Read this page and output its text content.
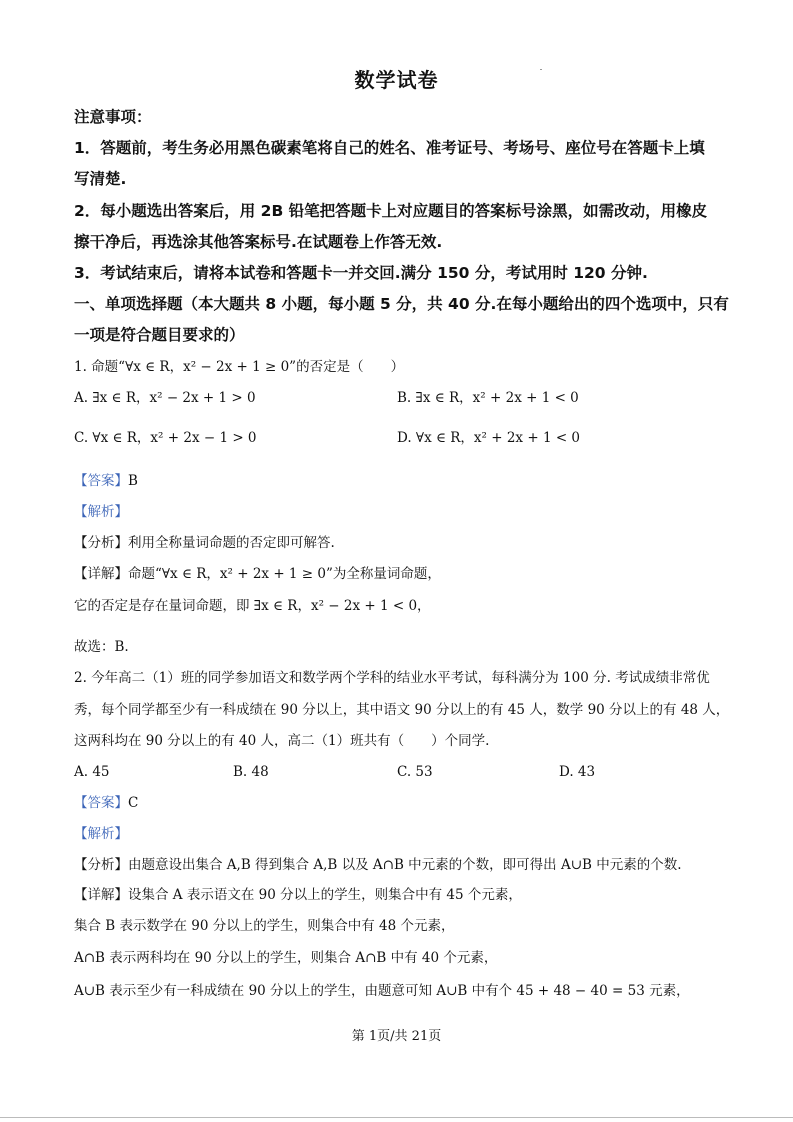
数学试卷
注意事项：
1．答题前，考生务必用黑色碳素笔将自己的姓名、准考证号、考场号、座位号在答题卡上填
写清楚.
2．每小题选出答案后，用 2B 铅笔把答题卡上对应题目的答案标号涂黑，如需改动，用橡皮
擦干净后，再选涂其他答案标号.在试题卷上作答无效.
3．考试结束后，请将本试卷和答题卡一并交回.满分 150 分，考试用时 120 分钟.
一、单项选择题（本大题共 8 小题，每小题 5 分，共 40 分.在每小题给出的四个选项中，只有
一项是符合题目要求的）
1. 命题“∀x ∈ R，x² − 2x + 1 ≥ 0”的否定是（　　）
A. ∃x ∈ R，x² − 2x + 1 > 0	B. ∃x ∈ R，x² + 2x + 1 < 0
C. ∀x ∈ R，x² + 2x − 1 > 0	D. ∀x ∈ R，x² + 2x + 1 < 0
【答案】B
【解析】
【分析】利用全称量词命题的否定即可解答.
【详解】命题“∀x ∈ R，x² + 2x + 1 ≥ 0”为全称量词命题，
它的否定是存在量词命题，即 ∃x ∈ R，x² − 2x + 1 < 0，
故选：B.
2. 今年高二（1）班的同学参加语文和数学两个学科的结业水平考试，每科满分为 100 分. 考试成绩非常优
秀，每个同学都至少有一科成绩在 90 分以上，其中语文 90 分以上的有 45 人，数学 90 分以上的有 48 人，
这两科均在 90 分以上的有 40 人，高二（1）班共有（　　）个同学.
A. 45	B. 48	C. 53	D. 43
【答案】C
【解析】
【分析】由题意设出集合 A,B 得到集合 A,B 以及 A∩B 中元素的个数，即可得出 A∪B 中元素的个数.
【详解】设集合 A 表示语文在 90 分以上的学生，则集合中有 45 个元素，
集合 B 表示数学在 90 分以上的学生，则集合中有 48 个元素，
A∩B 表示两科均在 90 分以上的学生，则集合 A∩B 中有 40 个元素，
A∪B 表示至少有一科成绩在 90 分以上的学生，由题意可知 A∪B 中有个 45 + 48 − 40 = 53 元素，
第 1页/共 21页
